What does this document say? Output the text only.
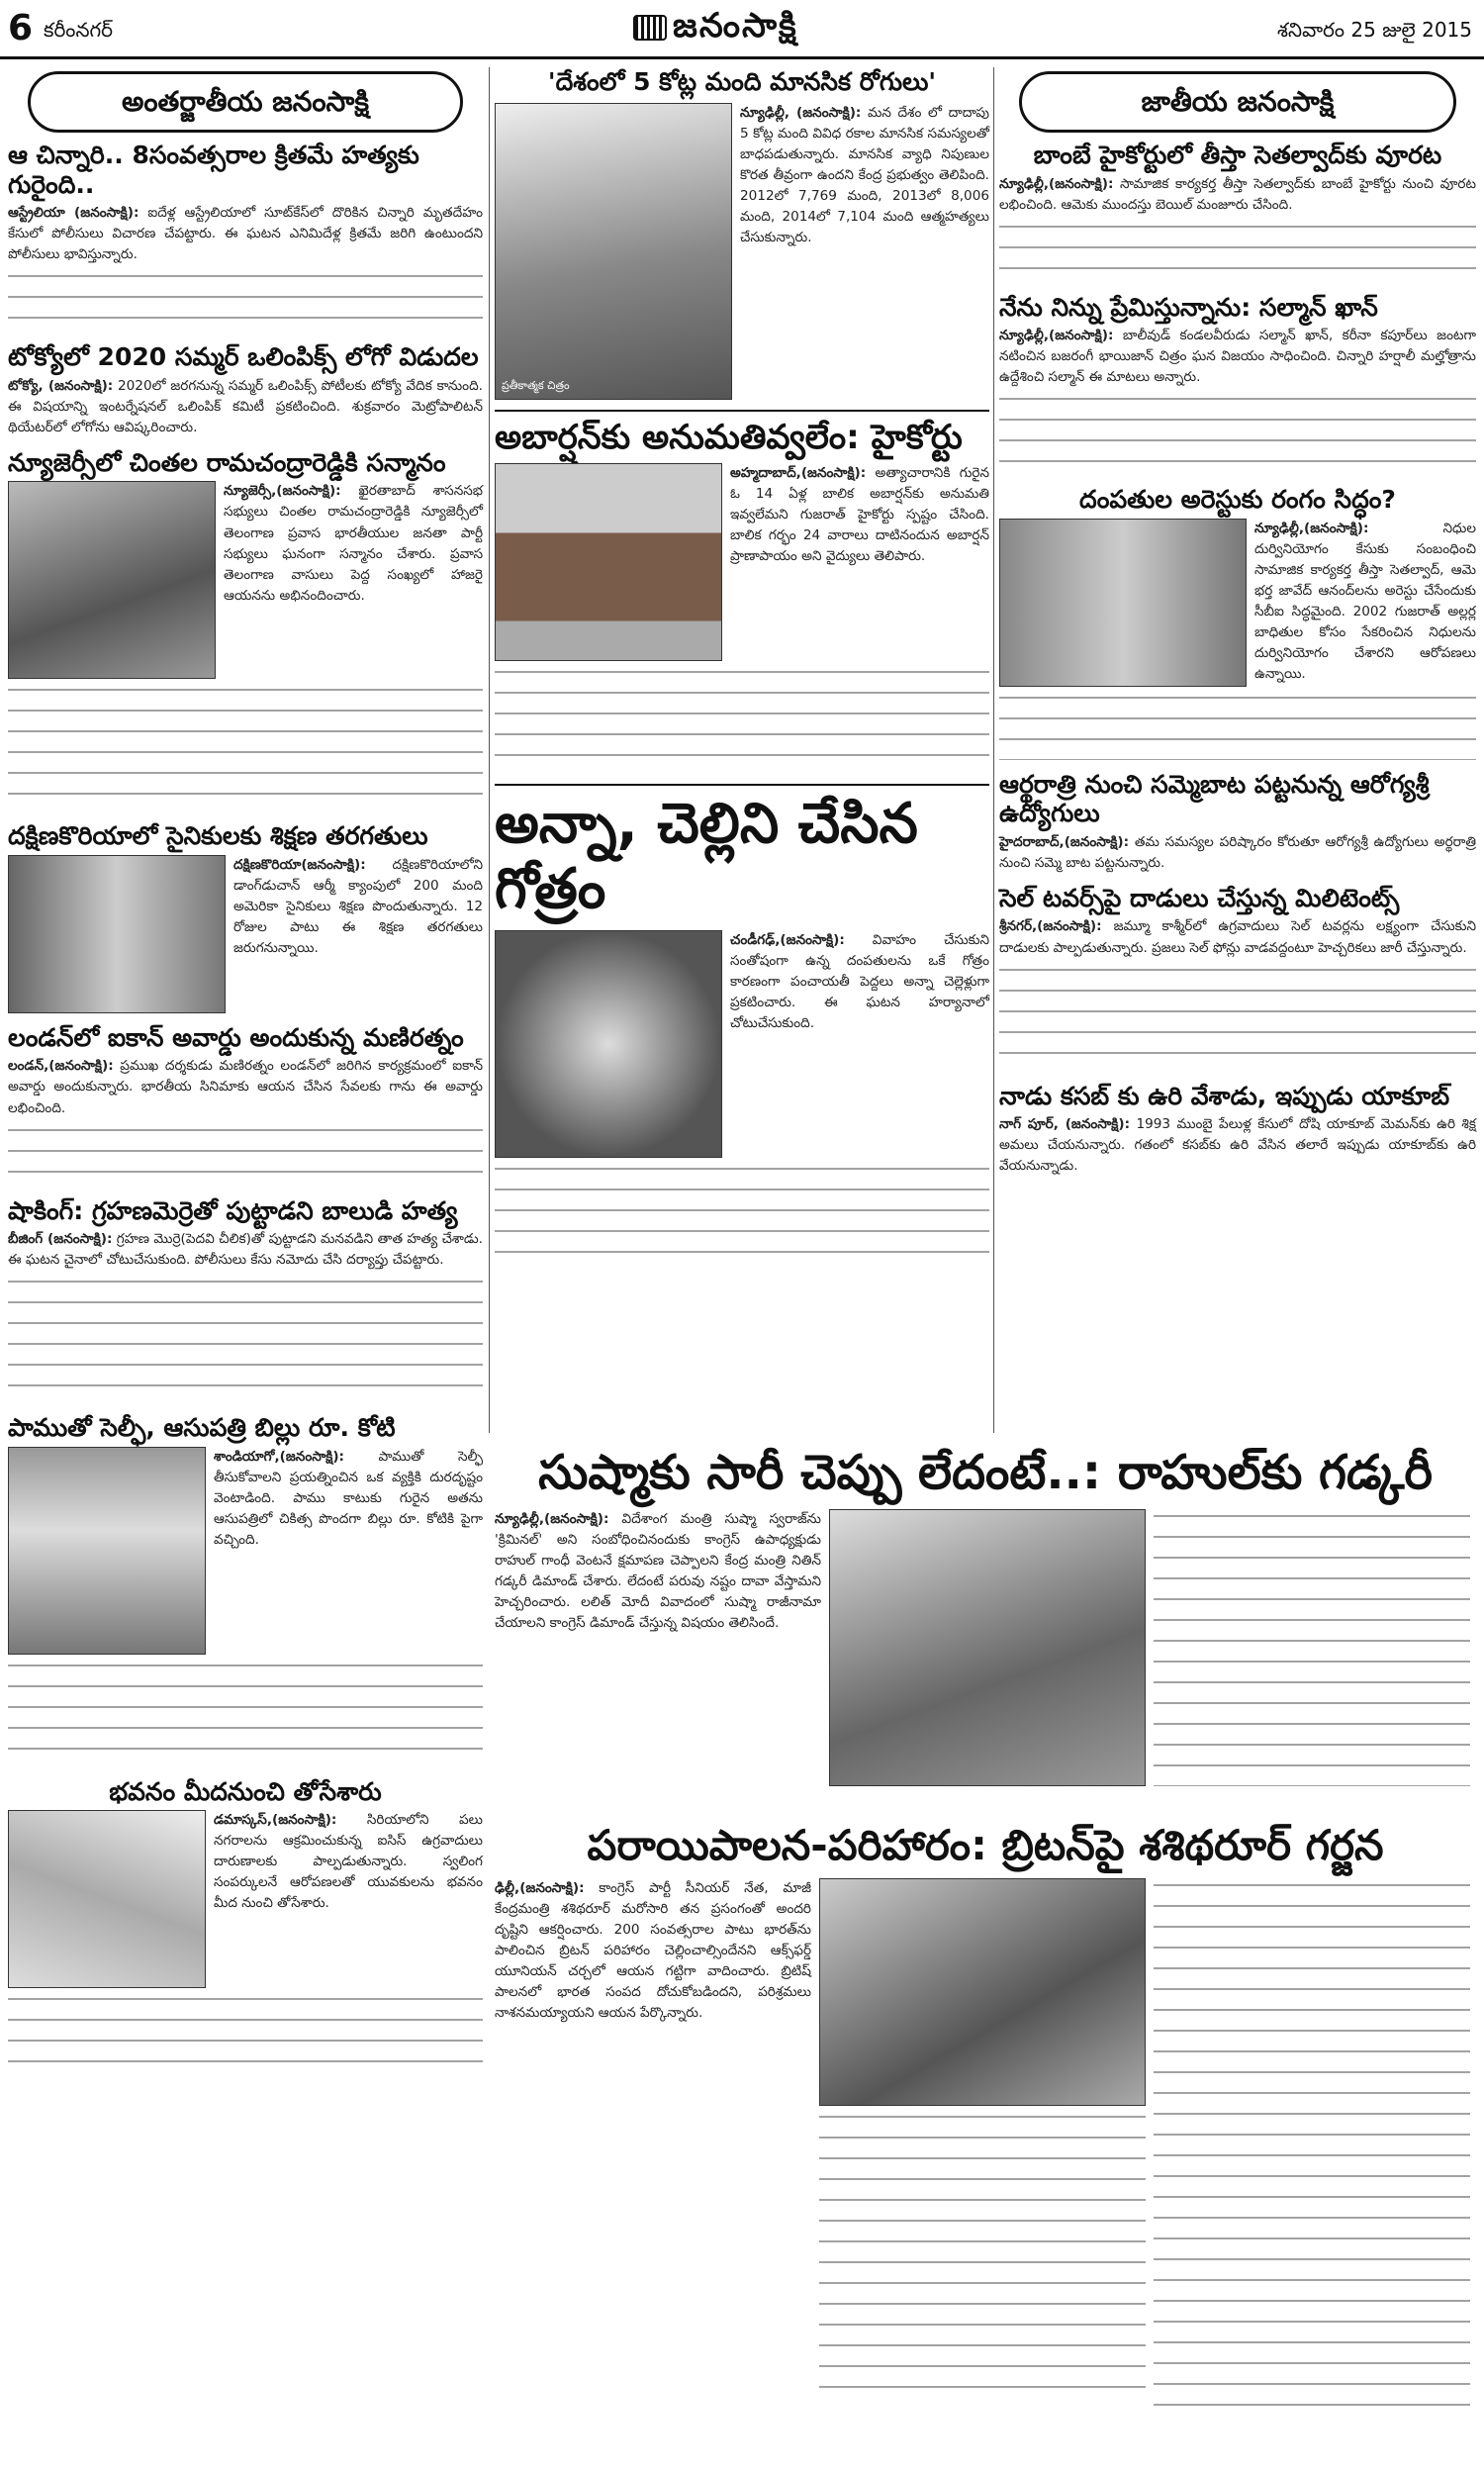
6 కరీంనగర్	జనంసాక్షి	శనివారం 25 జులై 2015
అంతర్జాతీయ జనంసాక్షి
ఆ చిన్నారి.. 8సంవత్సరాల క్రితమే హత్యకు గురైంది..
ఆస్ట్రేలియా (జనంసాక్షి): ఐదేళ్ల ఆస్ట్రేలియాలో సూట్‌కేస్‌లో దొరికిన చిన్నారి మృతదేహం కేసులో పోలీసులు విచారణ చేపట్టారు. ఈ ఘటన ఎనిమిదేళ్ల క్రితమే జరిగి ఉంటుందని పోలీసులు భావిస్తున్నారు.
టోక్యోలో 2020 సమ్మర్ ఒలింపిక్స్ లోగో విడుదల
టోక్యో, (జనంసాక్షి): 2020లో జరగనున్న సమ్మర్ ఒలింపిక్స్ పోటీలకు టోక్యో వేదిక కానుంది. ఈ విషయాన్ని ఇంటర్నేషనల్ ఒలింపిక్ కమిటీ ప్రకటించింది. శుక్రవారం మెట్రోపాలిటన్ థియేటర్‌లో లోగోను ఆవిష్కరించారు.
న్యూజెర్సీలో చింతల రామచంద్రారెడ్డికి సన్మానం
న్యూజెర్సీ,(జనంసాక్షి): ఖైరతాబాద్ శాసనసభ సభ్యులు చింతల రామచంద్రారెడ్డికి న్యూజెర్సీలో తెలంగాణ ప్రవాస భారతీయుల జనతా పార్టీ సభ్యులు ఘనంగా సన్మానం చేశారు. ప్రవాస తెలంగాణ వాసులు పెద్ద సంఖ్యలో హాజరై ఆయనను అభినందించారు.
దక్షిణకొరియాలో సైనికులకు శిక్షణ తరగతులు
దక్షిణకొరియా(జనంసాక్షి): దక్షిణకొరియాలోని డాంగ్‌డుచాన్ ఆర్మీ క్యాంపులో 200 మంది అమెరికా సైనికులు శిక్షణ పొందుతున్నారు. 12 రోజుల పాటు ఈ శిక్షణ తరగతులు జరుగనున్నాయి.
లండన్‌లో ఐకాన్ అవార్డు అందుకున్న మణిరత్నం
లండన్,(జనంసాక్షి): ప్రముఖ దర్శకుడు మణిరత్నం లండన్‌లో జరిగిన కార్యక్రమంలో ఐకాన్ అవార్డు అందుకున్నారు. భారతీయ సినిమాకు ఆయన చేసిన సేవలకు గాను ఈ అవార్డు లభించింది.
షాకింగ్: గ్రహణమెర్రెతో పుట్టాడని బాలుడి హత్య
బీజింగ్ (జనంసాక్షి): గ్రహణ మొర్రె(పెదవి చీలిక)తో పుట్టాడని మనవడిని తాత హత్య చేశాడు. ఈ ఘటన చైనాలో చోటుచేసుకుంది. పోలీసులు కేసు నమోదు చేసి దర్యాప్తు చేపట్టారు.
పాముతో సెల్ఫీ, ఆసుపత్రి బిల్లు రూ. కోటి
శాండియాగో,(జనంసాక్షి):	పాముతో సెల్ఫీ తీసుకోవాలని ప్రయత్నించిన ఒక వ్యక్తికి దురదృష్టం వెంటాడింది. పాము కాటుకు గురైన అతను ఆసుపత్రిలో చికిత్స పొందగా బిల్లు రూ. కోటికి పైగా వచ్చింది.
భవనం మీదనుంచి తోసేశారు
డమాస్కస్,(జనంసాక్షి): సిరియాలోని పలు నగరాలను ఆక్రమించుకున్న ఐసిస్ ఉగ్రవాదులు దారుణాలకు పాల్పడుతున్నారు. స్వలింగ సంపర్కులనే ఆరోపణలతో యువకులను భవనం మీద నుంచి తోసేశారు.
'దేశంలో 5 కోట్ల మంది మానసిక రోగులు'
ప్రతీకాత్మక చిత్రం
న్యూఢిల్లీ, (జనంసాక్షి): మన దేశం లో దాదాపు 5 కోట్ల మంది వివిధ రకాల మానసిక సమస్యలతో బాధపడుతున్నారు. మానసిక వ్యాధి నిపుణుల కొరత తీవ్రంగా ఉందని కేంద్ర ప్రభుత్వం తెలిపింది. 2012లో 7,769 మంది, 2013లో 8,006 మంది, 2014లో 7,104 మంది ఆత్మహత్యలు చేసుకున్నారు.
అబార్షన్‌కు అనుమతివ్వలేం: హైకోర్టు
అహ్మదాబాద్,(జనంసాక్షి): అత్యాచారానికి గురైన ఓ 14 ఏళ్ల బాలిక అబార్షన్‌కు అనుమతి ఇవ్వలేమని గుజరాత్ హైకోర్టు స్పష్టం చేసింది. బాలిక గర్భం 24 వారాలు దాటినందున అబార్షన్ ప్రాణాపాయం అని వైద్యులు తెలిపారు.
అన్నా, చెల్లిని చేసిన గోత్రం
చండీగఢ్,(జనంసాక్షి): వివాహం చేసుకుని సంతోషంగా ఉన్న దంపతులను ఒకే గోత్రం కారణంగా పంచాయతీ పెద్దలు అన్నా చెల్లెళ్లుగా ప్రకటించారు. ఈ ఘటన హర్యానాలో చోటుచేసుకుంది.
జాతీయ జనంసాక్షి
బాంబే హైకోర్టులో తీస్తా సెతల్వాద్‌కు వూరట
న్యూఢిల్లీ,(జనంసాక్షి): సామాజిక కార్యకర్త తీస్తా సెతల్వాద్‌కు బాంబే హైకోర్టు నుంచి వూరట లభించింది. ఆమెకు ముందస్తు బెయిల్ మంజూరు చేసింది.
నేను నిన్ను ప్రేమిస్తున్నాను: సల్మాన్ ఖాన్
న్యూఢిల్లీ,(జనంసాక్షి): బాలీవుడ్ కండలవీరుడు సల్మాన్ ఖాన్, కరీనా కపూర్‌లు జంటగా నటించిన బజరంగీ భాయిజాన్ చిత్రం ఘన విజయం సాధించింది. చిన్నారి హర్షాలీ మల్హోత్రాను ఉద్దేశించి సల్మాన్ ఈ మాటలు అన్నారు.
దంపతుల అరెస్టుకు రంగం సిద్ధం?
న్యూఢిల్లీ,(జనంసాక్షి):	నిధుల దుర్వినియోగం కేసుకు సంబంధించి సామాజిక కార్యకర్త తీస్తా సెతల్వాద్, ఆమె భర్త జావేద్ ఆనంద్‌లను అరెస్టు చేసేందుకు సీబీఐ సిద్ధమైంది. 2002 గుజరాత్ అల్లర్ల బాధితుల కోసం సేకరించిన నిధులను దుర్వినియోగం చేశారని ఆరోపణలు ఉన్నాయి.
ఆర్థరాత్రి నుంచి సమ్మెబాట పట్టనున్న ఆరోగ్యశ్రీ ఉద్యోగులు
హైదరాబాద్,(జనంసాక్షి): తమ సమస్యల పరిష్కారం కోరుతూ ఆరోగ్యశ్రీ ఉద్యోగులు అర్థరాత్రి నుంచి సమ్మె బాట పట్టనున్నారు.
సెల్ టవర్స్‌పై దాడులు చేస్తున్న మిలిటెంట్స్
శ్రీనగర్,(జనంసాక్షి): జమ్మూ కాశ్మీర్‌లో ఉగ్రవాదులు సెల్ టవర్లను లక్ష్యంగా చేసుకుని దాడులకు పాల్పడుతున్నారు. ప్రజలు సెల్ ఫోన్లు వాడవద్దంటూ హెచ్చరికలు జారీ చేస్తున్నారు.
నాడు కసబ్ కు ఉరి వేశాడు, ఇప్పుడు యాకూబ్
నాగ్ పూర్, (జనంసాక్షి): 1993 ముంబై పేలుళ్ల కేసులో దోషి యాకూబ్ మెమన్‌కు ఉరి శిక్ష అమలు చేయనున్నారు. గతంలో కసబ్‌కు ఉరి వేసిన తలారే ఇప్పుడు యాకూబ్‌కు ఉరి వేయనున్నాడు.
సుష్మాకు సారీ చెప్పు లేదంటే..: రాహుల్‌కు గడ్కరీ
న్యూఢిల్లీ,(జనంసాక్షి): విదేశాంగ మంత్రి సుష్మా స్వరాజ్‌ను 'క్రిమినల్' అని సంబోధించినందుకు కాంగ్రెస్ ఉపాధ్యక్షుడు రాహుల్ గాంధీ వెంటనే క్షమాపణ చెప్పాలని కేంద్ర మంత్రి నితిన్ గడ్కరీ డిమాండ్ చేశారు. లేదంటే పరువు నష్టం దావా వేస్తామని హెచ్చరించారు. లలిత్ మోదీ వివాదంలో సుష్మా రాజీనామా చేయాలని కాంగ్రెస్ డిమాండ్ చేస్తున్న విషయం తెలిసిందే.
పరాయిపాలన-పరిహారం: బ్రిటన్‌పై శశిథరూర్ గర్జన
ఢిల్లీ,(జనంసాక్షి): కాంగ్రెస్ పార్టీ సీనియర్ నేత, మాజీ కేంద్రమంత్రి శశిథరూర్ మరోసారి తన ప్రసంగంతో అందరి దృష్టిని ఆకర్షించారు. 200 సంవత్సరాల పాటు భారత్‌ను పాలించిన బ్రిటన్ పరిహారం చెల్లించాల్సిందేనని ఆక్స్‌ఫర్డ్ యూనియన్ చర్చలో ఆయన గట్టిగా వాదించారు. బ్రిటిష్ పాలనలో భారత సంపద దోచుకోబడిందని, పరిశ్రమలు నాశనమయ్యాయని ఆయన పేర్కొన్నారు.
